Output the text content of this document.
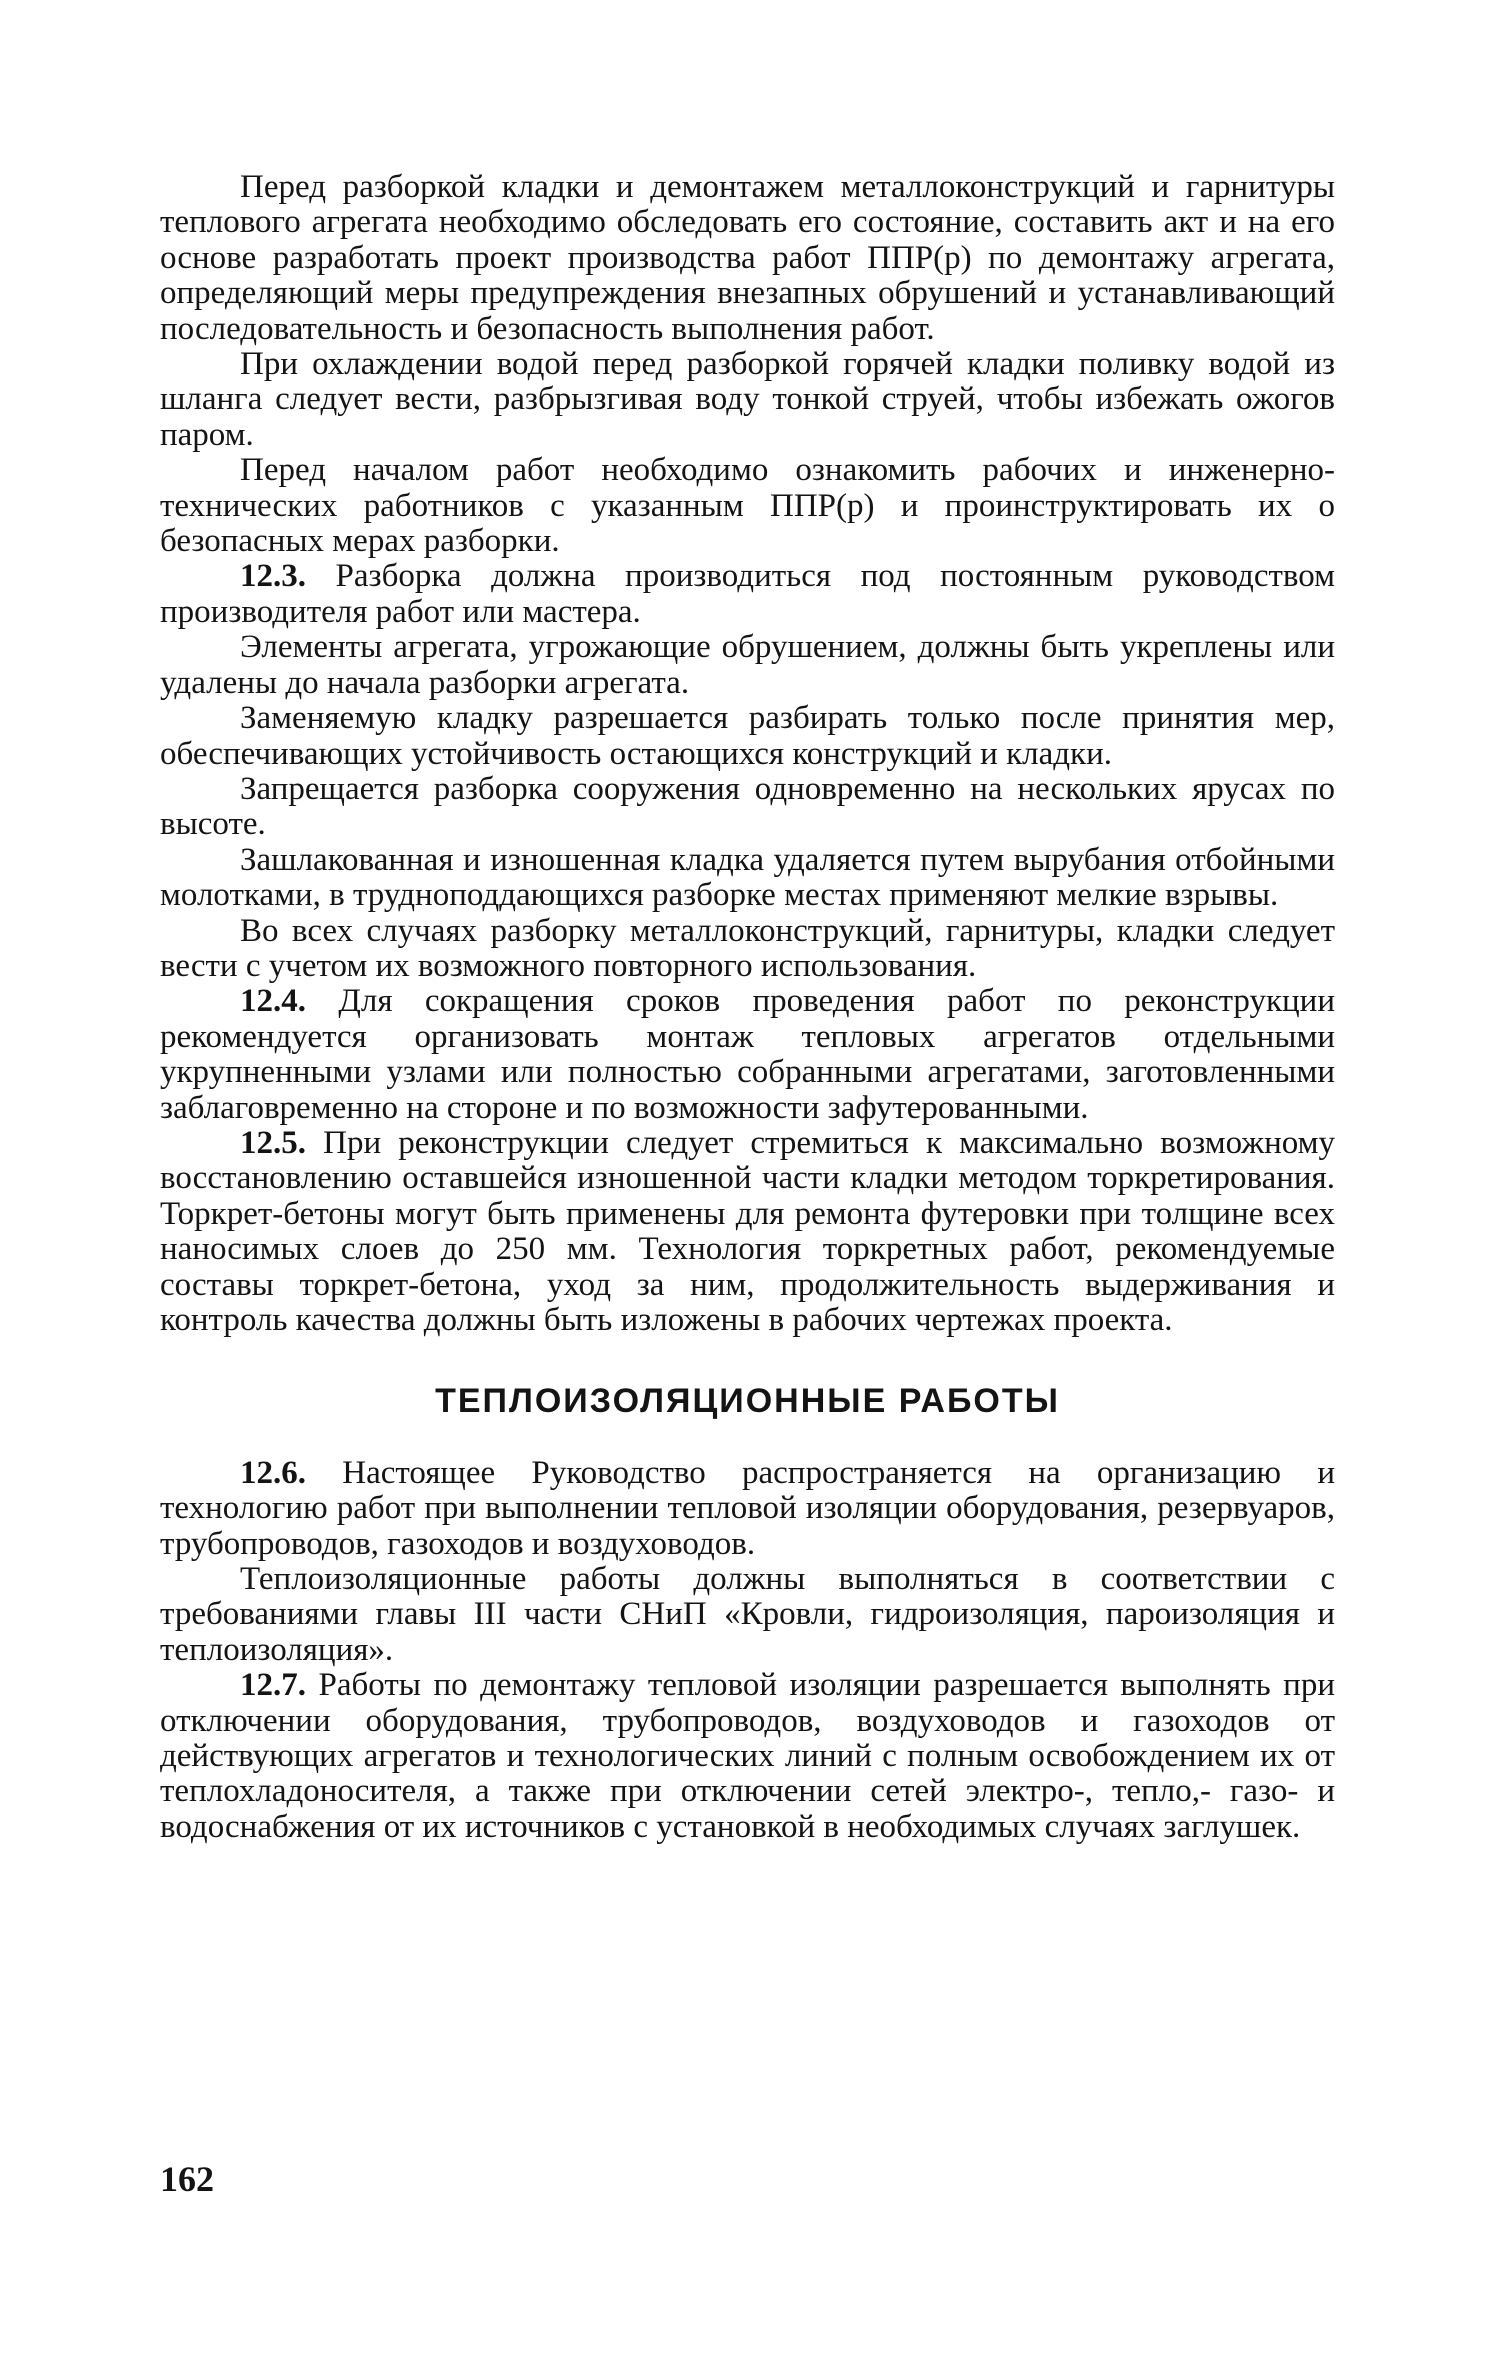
Перед разборкой кладки и демонтажем металлоконструкций и гарнитуры теплового агрегата необходимо обследовать его состояние, составить акт и на его основе разработать проект производства работ ППР(р) по демонтажу агрегата, определяющий меры предупреждения внезапных обрушений и устанавливающий последовательность и безопасность выполнения работ.

При охлаждении водой перед разборкой горячей кладки поливку водой из шланга следует вести, разбрызгивая воду тонкой струей, чтобы избежать ожогов паром.

Перед началом работ необходимо ознакомить рабочих и инженерно-технических работников с указанным ППР(р) и проинструктировать их о безопасных мерах разборки.

12.3. Разборка должна производиться под постоянным руководством производителя работ или мастера.

Элементы агрегата, угрожающие обрушением, должны быть укреплены или удалены до начала разборки агрегата.

Заменяемую кладку разрешается разбирать только после принятия мер, обеспечивающих устойчивость остающихся конструкций и кладки.

Запрещается разборка сооружения одновременно на нескольких ярусах по высоте.

Зашлакованная и изношенная кладка удаляется путем вырубания отбойными молотками, в трудноподдающихся разборке местах применяют мелкие взрывы.

Во всех случаях разборку металлоконструкций, гарнитуры, кладки следует вести с учетом их возможного повторного использования.

12.4. Для сокращения сроков проведения работ по реконструкции рекомендуется организовать монтаж тепловых агрегатов отдельными укрупненными узлами или полностью собранными агрегатами, заготовленными заблаговременно на стороне и по возможности зафутерованными.

12.5. При реконструкции следует стремиться к максимально возможному восстановлению оставшейся изношенной части кладки методом торкретирования. Торкрет-бетоны могут быть применены для ремонта футеровки при толщине всех наносимых слоев до 250 мм. Технология торкретных работ, рекомендуемые составы торкрет-бетона, уход за ним, продолжительность выдерживания и контроль качества должны быть изложены в рабочих чертежах проекта.

ТЕПЛОИЗОЛЯЦИОННЫЕ РАБОТЫ

12.6. Настоящее Руководство распространяется на организацию и технологию работ при выполнении тепловой изоляции оборудования, резервуаров, трубопроводов, газоходов и воздуховодов.

Теплоизоляционные работы должны выполняться в соответствии с требованиями главы III части СНиП «Кровли, гидроизоляция, пароизоляция и теплоизоляция».

12.7. Работы по демонтажу тепловой изоляции разрешается выполнять при отключении оборудования, трубопроводов, воздуховодов и газоходов от действующих агрегатов и технологических линий с полным освобождением их от теплохладоносителя, а также при отключении сетей электро-, тепло,- газо- и водоснабжения от их источников с установкой в необходимых случаях заглушек.

162
